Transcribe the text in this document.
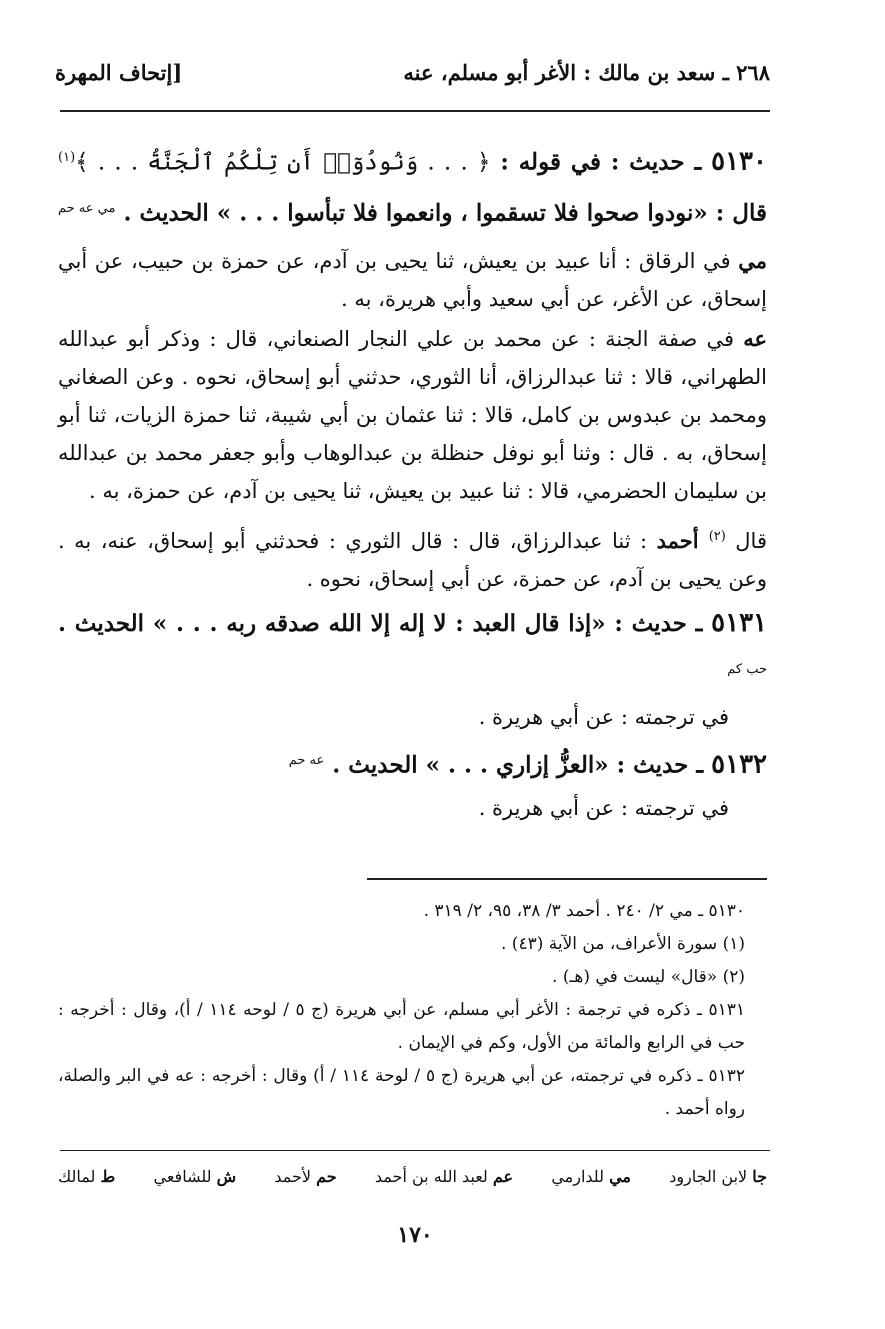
٢٦٨ ـ سعد بن مالك : الأغر أبو مسلم، عنه
[إتحاف المهرة

٥١٣٠ ـ حديث : في قوله : ﴿ . . . وَنُودُوٓا۟ أَن تِلْكُمُ ٱلْجَنَّةُ . . . ﴾$^{(١)}$ قال : «نودوا صحوا فلا تسقموا ، وانعموا فلا تبأسوا . . . » الحديث . $^{مي عه حم}$

مي في الرقاق : أنا عبيد بن يعيش، ثنا يحيى بن آدم، عن حمزة بن حبيب، عن أبي إسحاق، عن الأغر، عن أبي سعيد وأبي هريرة، به .

عه في صفة الجنة : عن محمد بن علي النجار الصنعاني، قال : وذكر أبو عبدالله الطهراني، قالا : ثنا عبدالرزاق، أنا الثوري، حدثني أبو إسحاق، نحوه . وعن الصغاني ومحمد بن عبدوس بن كامل، قالا : ثنا عثمان بن أبي شيبة، ثنا حمزة الزيات، ثنا أبو إسحاق، به . قال : وثنا أبو نوفل حنظلة بن عبدالوهاب وأبو جعفر محمد بن عبدالله بن سليمان الحضرمي، قالا : ثنا عبيد بن يعيش، ثنا يحيى بن آدم، عن حمزة، به .

قال $^{(٢)}$ أحمد : ثنا عبدالرزاق، قال : قال الثوري : فحدثني أبو إسحاق، عنه، به . وعن يحيى بن آدم، عن حمزة، عن أبي إسحاق، نحوه .

٥١٣١ ـ حديث : «إذا قال العبد : لا إله إلا الله صدقه ربه . . . » الحديث . $^{حب كم}$

في ترجمته : عن أبي هريرة .

٥١٣٢ ـ حديث : «العزُّ إزاري . . . » الحديث . $^{عه حم}$

في ترجمته : عن أبي هريرة .

٥١٣٠ ـ مي ٢/ ٢٤٠ . أحمد ٣/ ٣٨، ٩٥، ٢/ ٣١٩ .

(١) سورة الأعراف، من الآية (٤٣) .

(٢) «قال» ليست في (هـ) .

٥١٣١ ـ ذكره في ترجمة : الأغر أبي مسلم، عن أبي هريرة (ج ٥ / لوحه ١١٤ / أ)، وقال : أخرجه : حب في الرابع والمائة من الأول، وكم في الإيمان .

٥١٣٢ ـ ذكره في ترجمته، عن أبي هريرة (ج ٥ / لوحة ١١٤ / أ) وقال : أخرجه : عه في البر والصلة، رواه أحمد .

ط لمالك	ش للشافعي	حم لأحمد	عم لعبد الله بن أحمد	مي للدارمي	جا لابن الجارود
١٧٠
